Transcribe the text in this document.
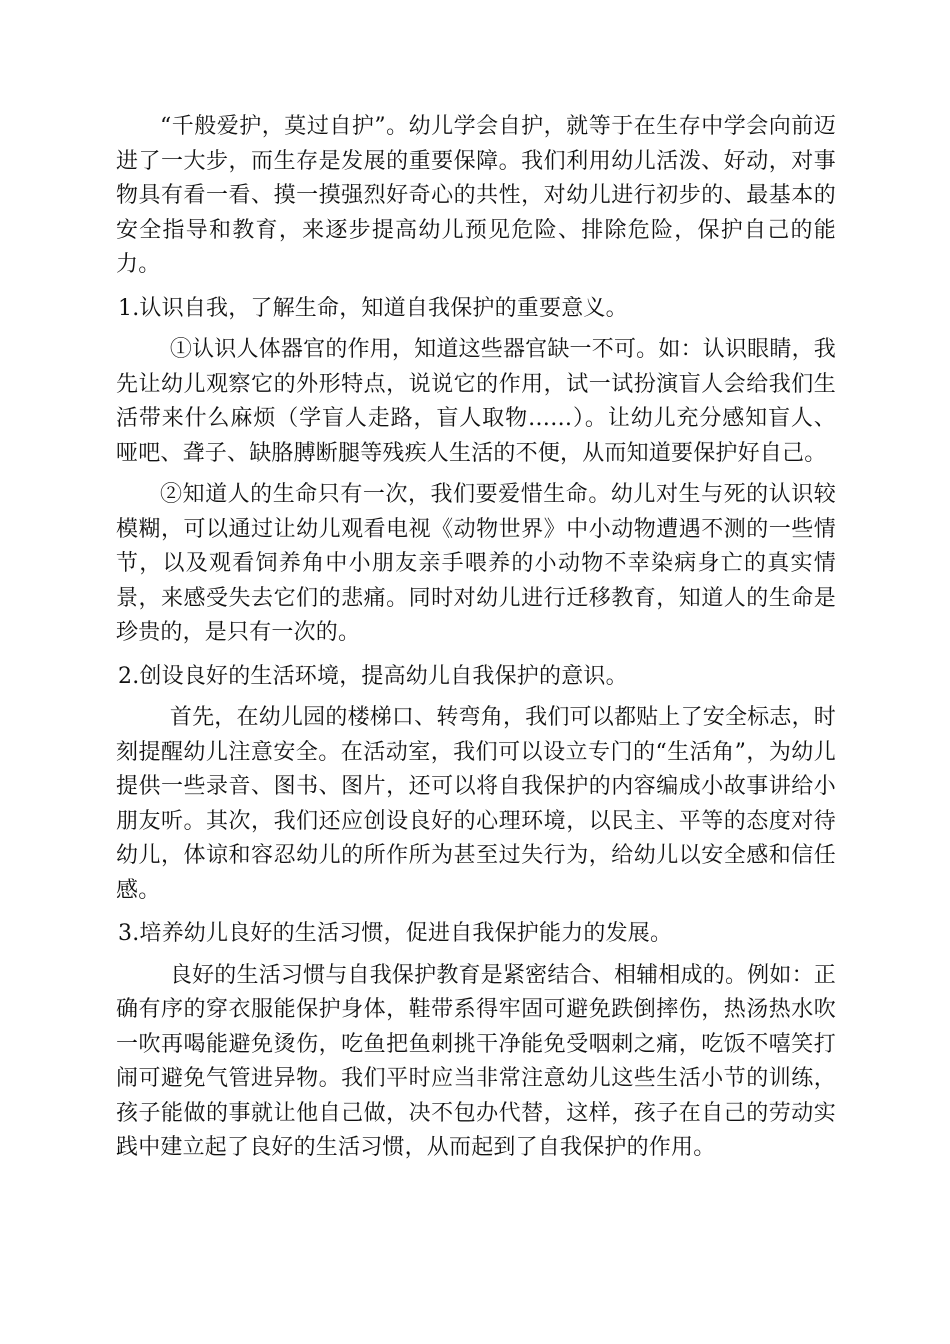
“千般爱护，莫过自护”。幼儿学会自护，就等于在生存中学会向前迈进了一大步，而生存是发展的重要保障。我们利用幼儿活泼、好动，对事物具有看一看、摸一摸强烈好奇心的共性，对幼儿进行初步的、最基本的安全指导和教育，来逐步提高幼儿预见危险、排除危险，保护自己的能力。

1.认识自我，了解生命，知道自我保护的重要意义。

①认识人体器官的作用，知道这些器官缺一不可。如：认识眼睛，我先让幼儿观察它的外形特点，说说它的作用，试一试扮演盲人会给我们生活带来什么麻烦（学盲人走路，盲人取物……）。让幼儿充分感知盲人、哑吧、聋子、缺胳膊断腿等残疾人生活的不便，从而知道要保护好自己。

②知道人的生命只有一次，我们要爱惜生命。幼儿对生与死的认识较模糊，可以通过让幼儿观看电视《动物世界》中小动物遭遇不测的一些情节，以及观看饲养角中小朋友亲手喂养的小动物不幸染病身亡的真实情景，来感受失去它们的悲痛。同时对幼儿进行迁移教育，知道人的生命是珍贵的，是只有一次的。

2.创设良好的生活环境，提高幼儿自我保护的意识。

首先，在幼儿园的楼梯口、转弯角，我们可以都贴上了安全标志，时刻提醒幼儿注意安全。在活动室，我们可以设立专门的“生活角”，为幼儿提供一些录音、图书、图片，还可以将自我保护的内容编成小故事讲给小朋友听。其次，我们还应创设良好的心理环境，以民主、平等的态度对待幼儿，体谅和容忍幼儿的所作所为甚至过失行为，给幼儿以安全感和信任感。

3.培养幼儿良好的生活习惯，促进自我保护能力的发展。

良好的生活习惯与自我保护教育是紧密结合、相辅相成的。例如：正确有序的穿衣服能保护身体，鞋带系得牢固可避免跌倒摔伤，热汤热水吹一吹再喝能避免烫伤，吃鱼把鱼刺挑干净能免受咽刺之痛，吃饭不嘻笑打闹可避免气管进异物。我们平时应当非常注意幼儿这些生活小节的训练，孩子能做的事就让他自己做，决不包办代替，这样，孩子在自己的劳动实践中建立起了良好的生活习惯，从而起到了自我保护的作用。
